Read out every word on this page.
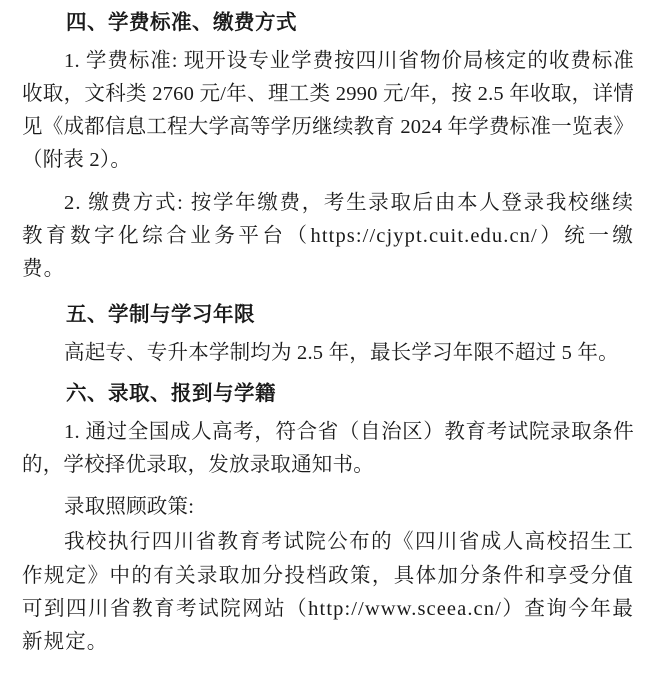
四、学费标准、缴费方式

1. 学费标准: 现开设专业学费按四川省物价局核定的收费标准收取，文科类 2760 元/年、理工类 2990 元/年，按 2.5 年收取，详情见《成都信息工程大学高等学历继续教育 2024 年学费标准一览表》（附表 2）。

2. 缴费方式: 按学年缴费，考生录取后由本人登录我校继续教育数字化综合业务平台（https://cjypt.cuit.edu.cn/）统一缴费。

五、学制与学习年限

高起专、专升本学制均为 2.5 年，最长学习年限不超过 5 年。

六、录取、报到与学籍

1. 通过全国成人高考，符合省（自治区）教育考试院录取条件的，学校择优录取，发放录取通知书。

录取照顾政策:

我校执行四川省教育考试院公布的《四川省成人高校招生工作规定》中的有关录取加分投档政策，具体加分条件和享受分值可到四川省教育考试院网站（http://www.sceea.cn/）查询今年最新规定。
